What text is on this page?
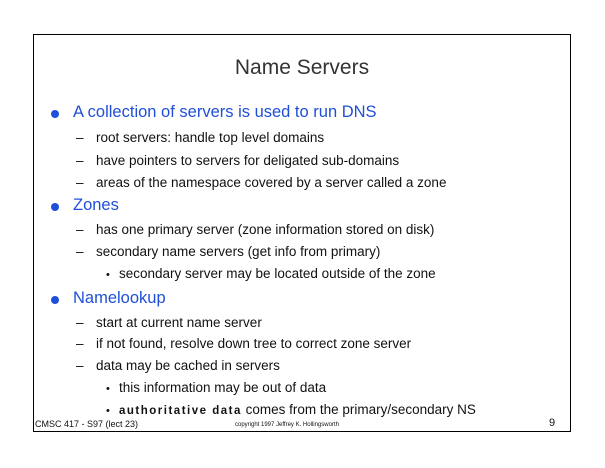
Name Servers
A collection of servers is used to run DNS
– root servers: handle top level domains
– have pointers to servers for deligated sub-domains
– areas of the namespace covered by a server called a zone
Zones
– has one primary server (zone information stored on disk)
– secondary name servers (get info from primary)
• secondary server may be located outside of the zone
Namelookup
– start at current name server
– if not found, resolve down tree to correct zone server
– data may be cached in servers
• this information may be out of data
• authoritative data comes from the primary/secondary NS
CMSC 417 - S97 (lect 23)	copyright 1997 Jeffrey K. Hollingsworth	9
